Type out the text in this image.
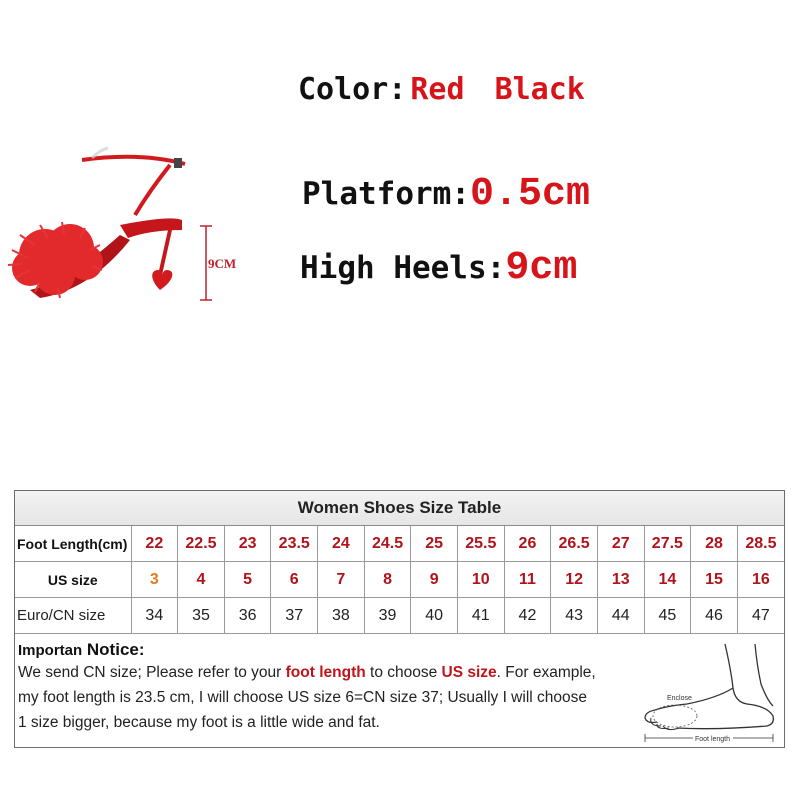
9CM
Color: Red Black
Platform:0.5cm
High Heels:9cm
Women Shoes Size Table
Foot Length(cm)	22	22.5	23	23.5	24	24.5	25	25.5	26	26.5	27	27.5	28	28.5
US size	3	4	5	6	7	8	9	10	11	12	13	14	15	16
Euro/CN size	34	35	36	37	38	39	40	41	42	43	44	45	46	47
Importan Notice:
We send CN size; Please refer to your foot length to choose US size. For example,
my foot length is 23.5 cm, I will choose US size 6=CN size 37; Usually I will choose
1 size bigger, because my foot is a little wide and fat.
Enclose
Foot length
